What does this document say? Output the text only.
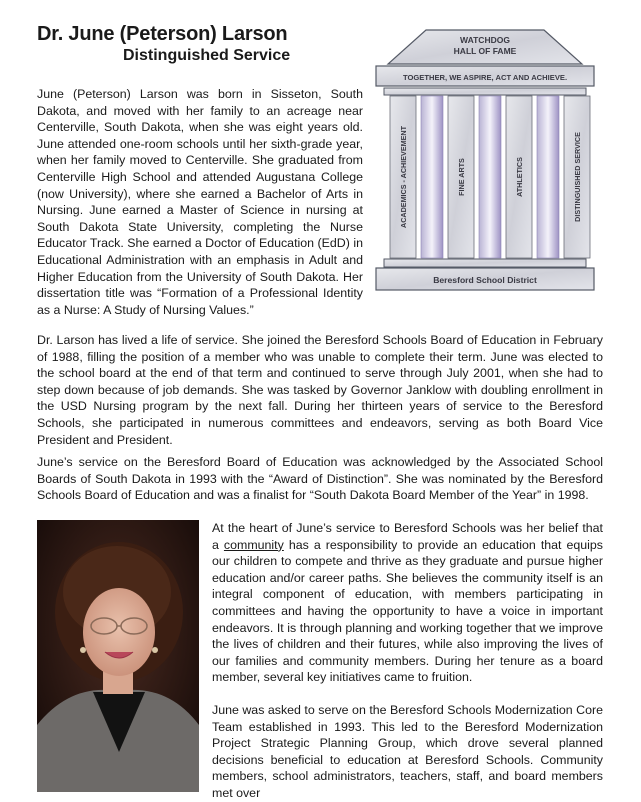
Dr. June (Peterson) Larson
Distinguished Service
WATCHDOG
HALL OF FAME
TOGETHER, WE ASPIRE, ACT AND ACHIEVE.
ACADEMICS - ACHIEVEMENT	FINE ARTS	ATHLETICS	DISTINGUISHED SERVICE
Beresford School District

June (Peterson) Larson was born in Sisseton, South Dakota, and moved with her family to an acreage near Centerville, South Dakota, when she was eight years old. June attended one-room schools until her sixth-grade year, when her family moved to Centerville. She graduated from Centerville High School and attended Augustana College (now University), where she earned a Bachelor of Arts in Nursing. June earned a Master of Science in nursing at South Dakota State University, completing the Nurse Educator Track. She earned a Doctor of Education (EdD) in Educational Administration with an emphasis in Adult and Higher Education from the University of South Dakota. Her dissertation title was “Formation of a Professional Identity as a Nurse: A Study of Nursing Values.”

Dr. Larson has lived a life of service. She joined the Beresford Schools Board of Education in February of 1988, filling the position of a member who was unable to complete their term. June was elected to the school board at the end of that term and continued to serve through July 2001, when she had to step down because of job demands. She was tasked by Governor Janklow with doubling enrollment in the USD Nursing program by the next fall. During her thirteen years of service to the Beresford Schools, she participated in numerous committees and endeavors, serving as both Board Vice President and President.

June’s service on the Beresford Board of Education was acknowledged by the Associated School Boards of South Dakota in 1993 with the “Award of Distinction”. She was nominated by the Beresford Schools Board of Education and was a finalist for “South Dakota Board Member of the Year” in 1998.

At the heart of June’s service to Beresford Schools was her belief that a community has a responsibility to provide an education that equips our children to compete and thrive as they graduate and pursue higher education and/or career paths. She believes the community itself is an integral component of education, with members participating in committees and having the opportunity to have a voice in important endeavors. It is through planning and working together that we improve the lives of children and their futures, while also improving the lives of our families and community members. During her tenure as a board member, several key initiatives came to fruition.

June was asked to serve on the Beresford Schools Modernization Core Team established in 1993. This led to the Beresford Modernization Project Strategic Planning Group, which drove several planned decisions beneficial to education at Beresford Schools. Community members, school administrators, teachers, staff, and board members met over
